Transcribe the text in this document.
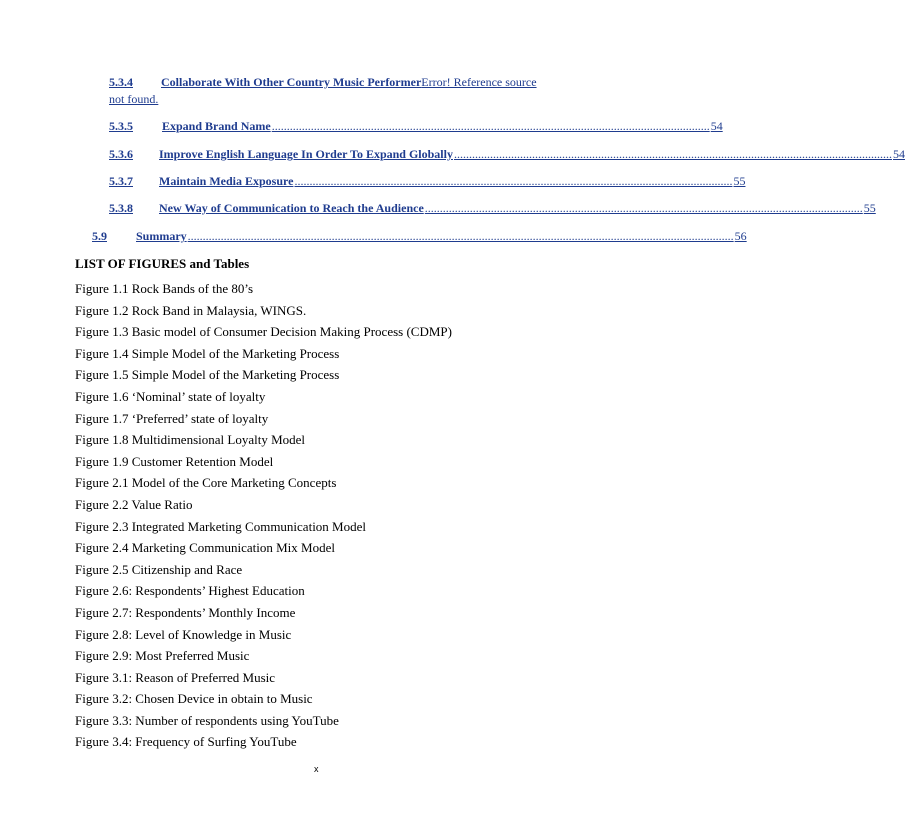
5.3.4 Collaborate With Other Country Music PerformerError! Reference source
not found.
5.3.5	Expand Brand Name .................................................................................................................................................. 54
5.3.6	Improve English Language In Order To Expand Globally .................................................................................................................................................. 54
5.3.7	Maintain Media Exposure .................................................................................................................................................. 55
5.3.8	New Way of Communication to Reach the Audience .................................................................................................................................................. 55
5.9	Summary ...................................................................................................................................................................................... 56
LIST OF FIGURES and Tables
Figure 1.1 Rock Bands of the 80’s
Figure 1.2 Rock Band in Malaysia, WINGS.
Figure 1.3 Basic model of Consumer Decision Making Process (CDMP)
Figure 1.4 Simple Model of the Marketing Process
Figure 1.5 Simple Model of the Marketing Process
Figure 1.6 ‘Nominal’ state of loyalty
Figure 1.7 ‘Preferred’ state of loyalty
Figure 1.8 Multidimensional Loyalty Model
Figure 1.9 Customer Retention Model
Figure 2.1 Model of the Core Marketing Concepts
Figure 2.2 Value Ratio
Figure 2.3 Integrated Marketing Communication Model
Figure 2.4 Marketing Communication Mix Model
Figure 2.5 Citizenship and Race
Figure 2.6: Respondents’ Highest Education
Figure 2.7: Respondents’ Monthly Income
Figure 2.8: Level of Knowledge in Music
Figure 2.9: Most Preferred Music
Figure 3.1: Reason of Preferred Music
Figure 3.2: Chosen Device in obtain to Music
Figure 3.3: Number of respondents using YouTube
Figure 3.4: Frequency of Surfing YouTube
x
